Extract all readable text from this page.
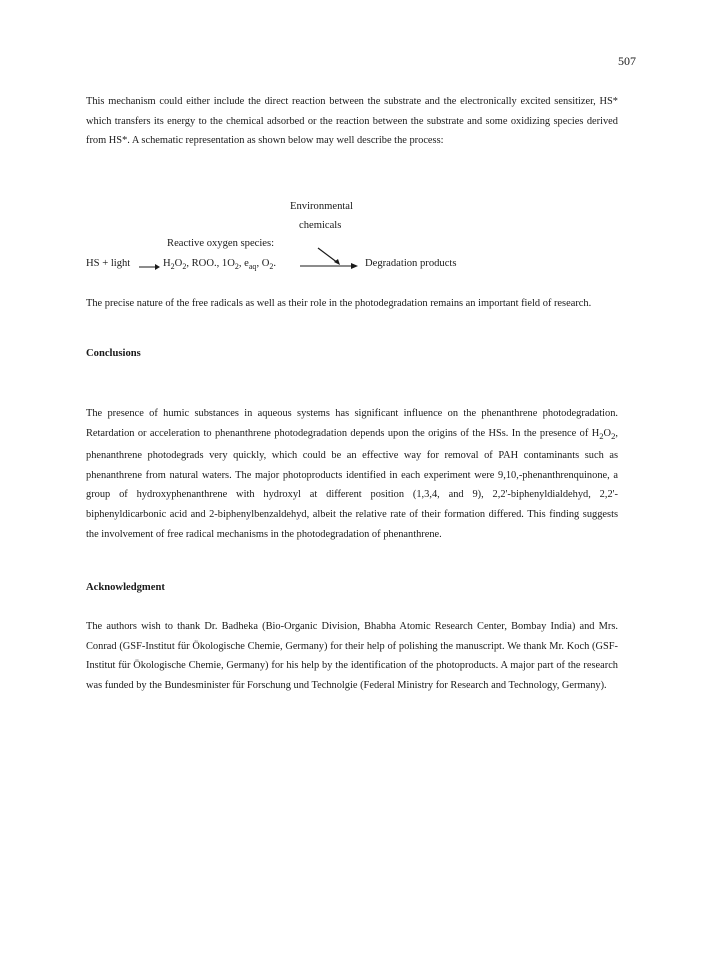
507

This mechanism could either include the direct reaction between the substrate and the electronically excited sensitizer, HS* which transfers its energy to the chemical adsorbed or the reaction between the substrate and some oxidizing species derived from HS*. A schematic representation as shown below may well describe the process:

Environmental
chemicals
Reactive oxygen species:
HS + light	$H_2O_2$, ROO., $1O_2$, $e_{aq}$, $O_2$.	Degradation products

The precise nature of the free radicals as well as their role in the photodegradation remains an important field of research.

Conclusions

The presence of humic substances in aqueous systems has significant influence on the phenanthrene photodegradation. Retardation or acceleration to phenanthrene photodegradation depends upon the origins of the HSs. In the presence of $H_2O_2$, phenanthrene photodegrads very quickly, which could be an effective way for removal of PAH contaminants such as phenanthrene from natural waters. The major photoproducts identified in each experiment were 9,10,-phenanthrenquinone, a group of hydroxyphenanthrene with hydroxyl at different position (1,3,4, and 9), 2,2'-biphenyldialdehyd, 2,2'-biphenyldicarbonic acid and 2-biphenylbenzaldehyd, albeit the relative rate of their formation differed. This finding suggests the involvement of free radical mechanisms in the photodegradation of phenanthrene.

Acknowledgment

The authors wish to thank Dr. Badheka (Bio-Organic Division, Bhabha Atomic Research Center, Bombay India) and Mrs. Conrad (GSF-Institut für Ökologische Chemie, Germany) for their help of polishing the manuscript. We thank Mr. Koch (GSF-Institut für Ökologische Chemie, Germany) for his help by the identification of the photoproducts. A major part of the research was funded by the Bundesminister für Forschung und Technolgie (Federal Ministry for Research and Technology, Germany).
